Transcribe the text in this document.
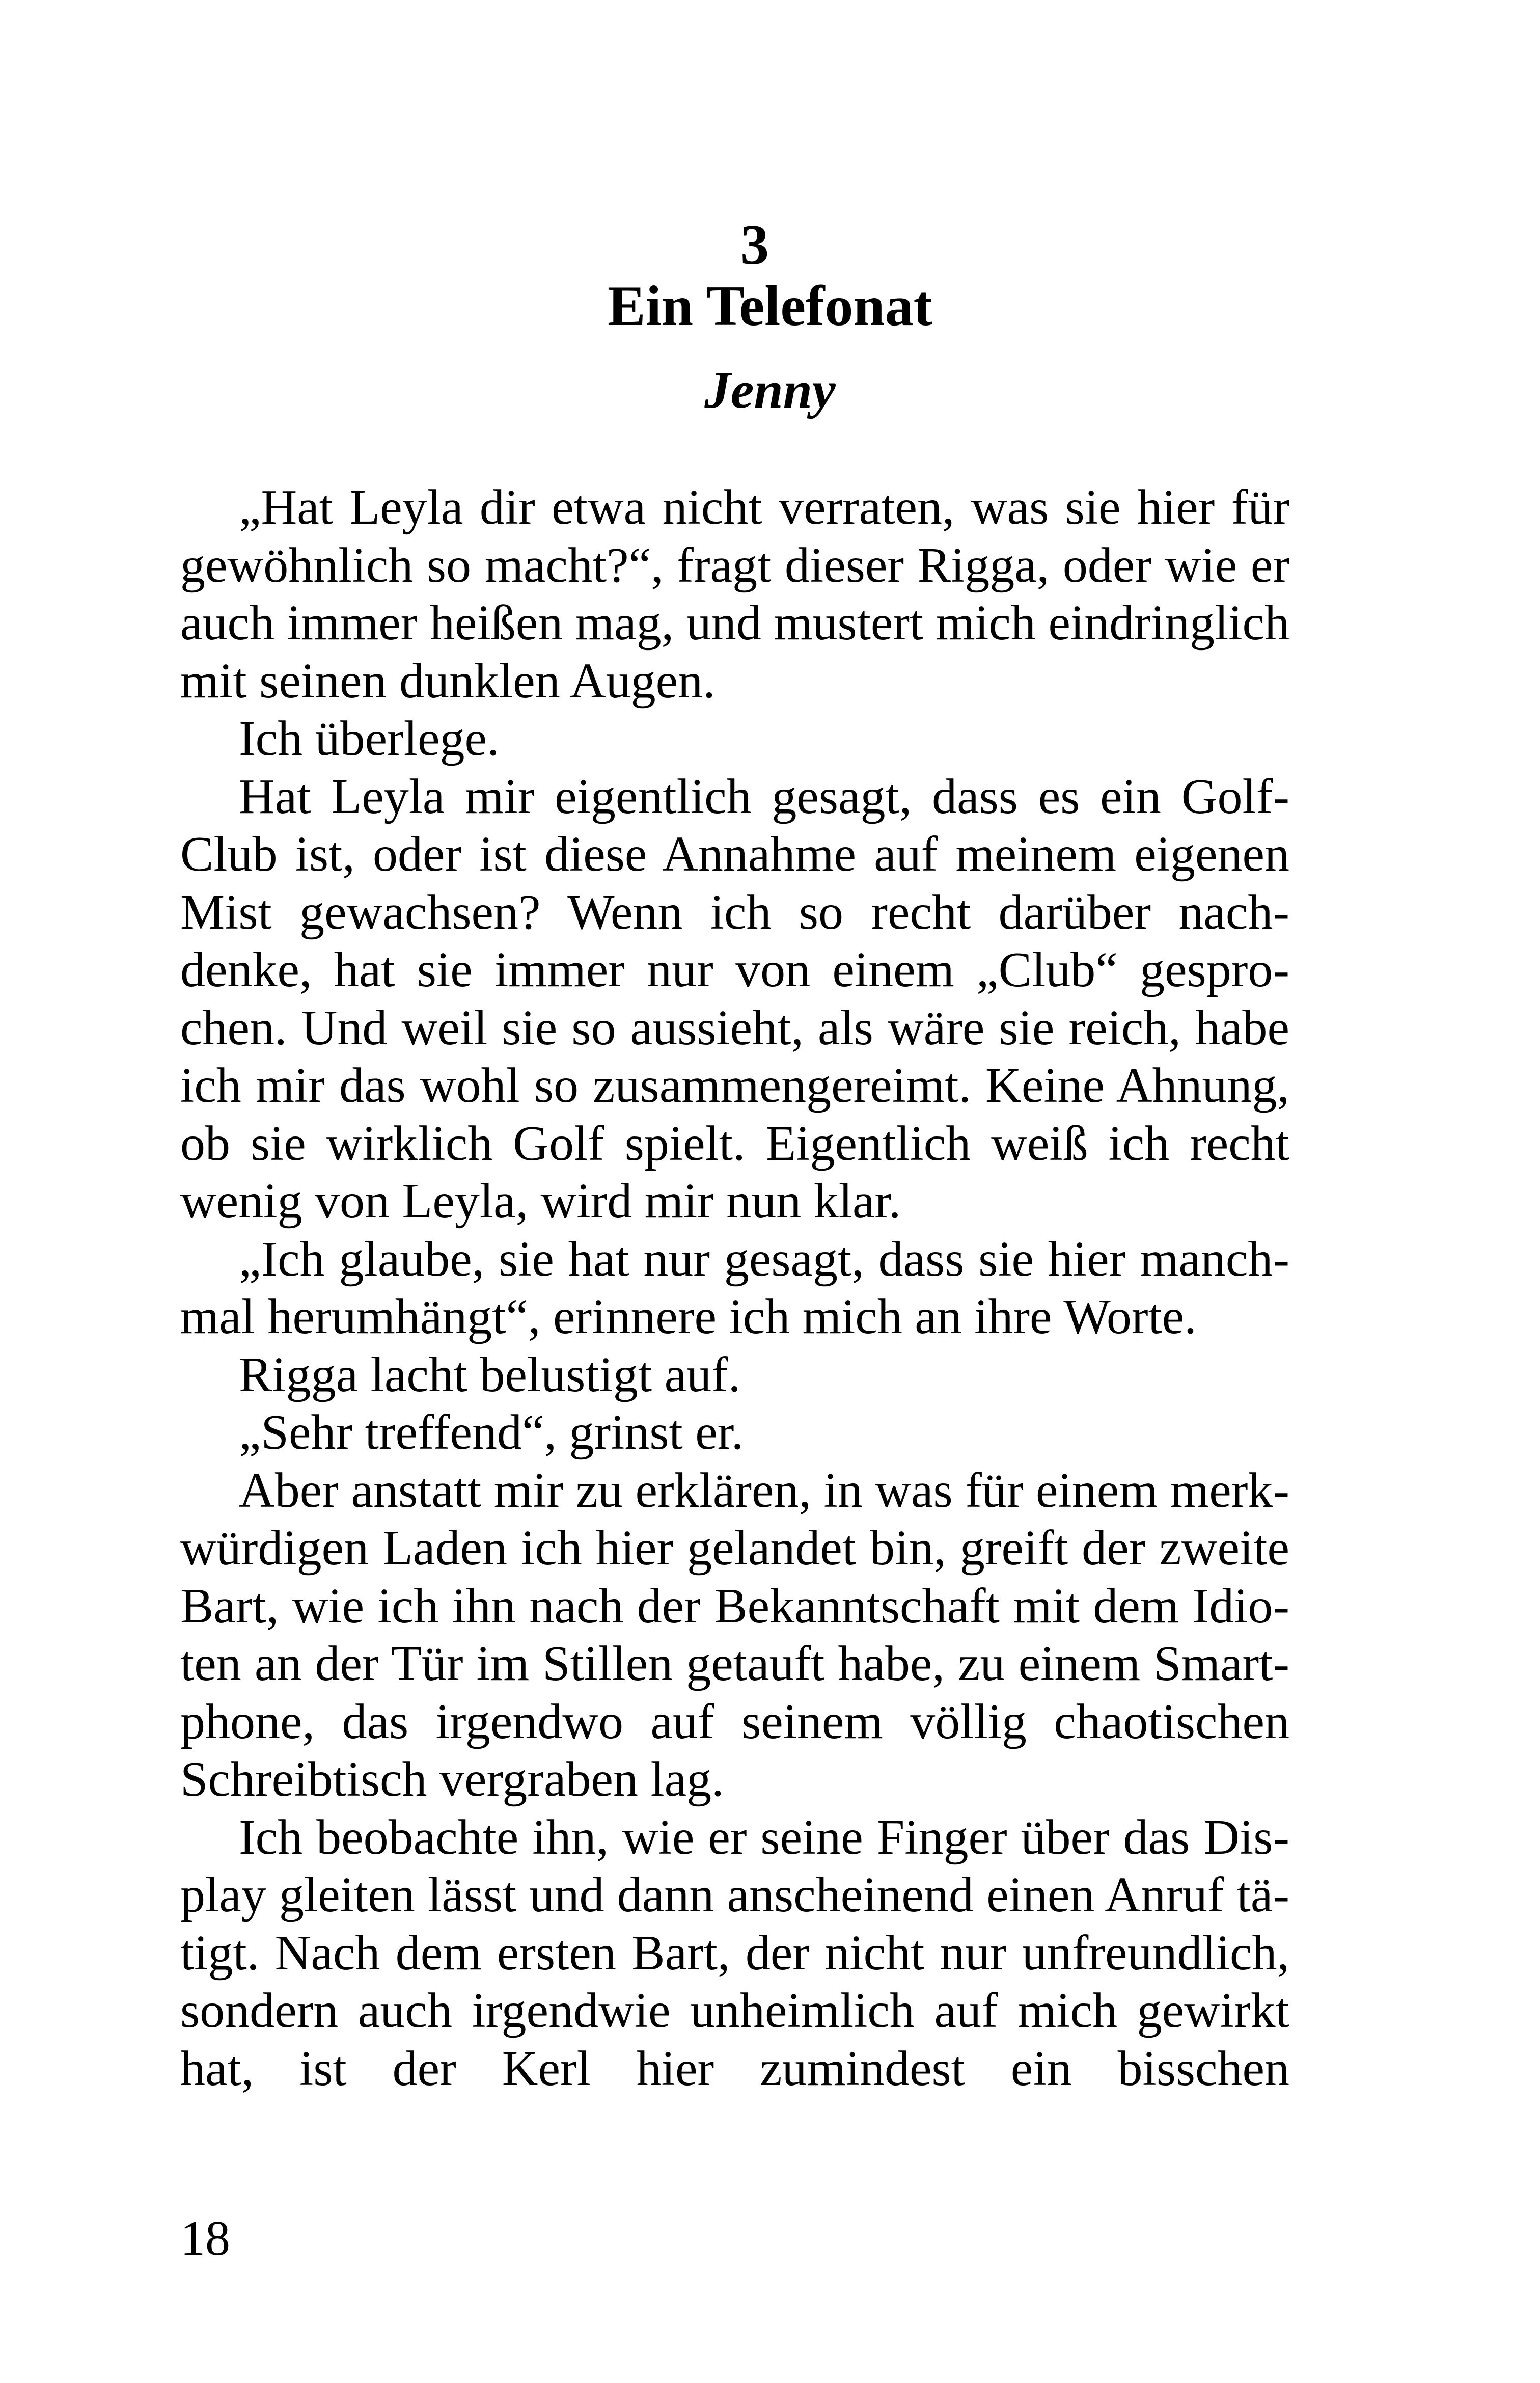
3
Ein Telefonat
Jenny

„Hat Leyla dir etwa nicht verraten, was sie hier für gewöhnlich so macht?“, fragt dieser Rigga, oder wie er auch immer heißen mag, und mustert mich eindringlich mit seinen dunklen Augen.

Ich überlege.

Hat Leyla mir eigentlich gesagt, dass es ein Golf-Club ist, oder ist diese Annahme auf meinem eigenen Mist gewachsen? Wenn ich so recht darüber nachdenke, hat sie immer nur von einem „Club“ gesprochen. Und weil sie so aussieht, als wäre sie reich, habe ich mir das wohl so zusammengereimt. Keine Ahnung, ob sie wirklich Golf spielt. Eigentlich weiß ich recht wenig von Leyla, wird mir nun klar.

„Ich glaube, sie hat nur gesagt, dass sie hier manchmal herumhängt“, erinnere ich mich an ihre Worte.

Rigga lacht belustigt auf.

„Sehr treffend“, grinst er.

Aber anstatt mir zu erklären, in was für einem merkwürdigen Laden ich hier gelandet bin, greift der zweite Bart, wie ich ihn nach der Bekanntschaft mit dem Idioten an der Tür im Stillen getauft habe, zu einem Smartphone, das irgendwo auf seinem völlig chaotischen Schreibtisch vergraben lag.

Ich beobachte ihn, wie er seine Finger über das Display gleiten lässt und dann anscheinend einen Anruf tätigt. Nach dem ersten Bart, der nicht nur unfreundlich, sondern auch irgendwie unheimlich auf mich gewirkt hat, ist der Kerl hier zumindest ein bisschen

18
